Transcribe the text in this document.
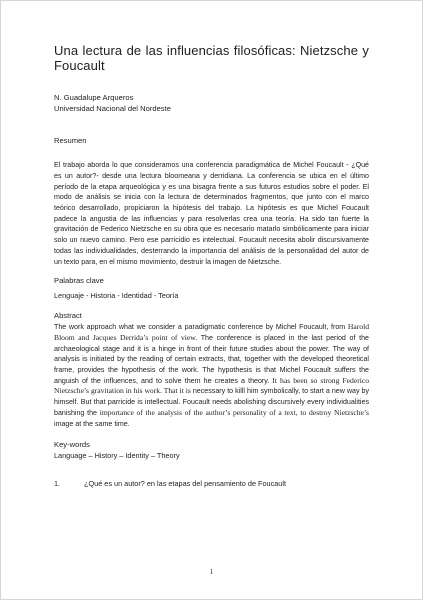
Una lectura de las influencias filosóficas: Nietzsche y Foucault
N. Guadalupe Arqueros
Universidad Nacional del Nordeste
Resumen

El trabajo aborda lo que consideramos una conferencia paradigmática de Michel Foucault - ¿Qué es un autor?- desde una lectura bloomeana y derridiana. La conferencia se ubica en el último período de la etapa arqueológica y es una bisagra frente a sus futuros estudios sobre el poder. El modo de análisis se inicia con la lectura de determinados fragmentos, que junto con el marco teórico desarrollado, propiciaron la hipótesis del trabajo. La hipótesis es que Michel Foucault padece la angustia de las influencias y para resolverlas crea una teoría. Ha sido tan fuerte la gravitación de Federico Nietzsche en su obra que es necesario matarlo simbólicamente para iniciar solo un nuevo camino. Pero ese parricidio es intelectual. Foucault necesita abolir discursivamente todas las individualidades, desterrando la importancia del análisis de la personalidad del autor de un texto para, en el mismo movimiento, destruir la imagen de Nietzsche.

Palabras clave
Lenguaje - Historia - Identidad - Teoría
Abstract

The work approach what we consider a paradigmatic conference by Michel Foucault, from Harold Bloom and Jacques Derrida’s point of view. The conference is placed in the last period of the archaeological stage and it is a hinge in front of their future studies about the power. The way of analysis is initiated by the reading of certain extracts, that, together with the developed theoretical frame, provides the hypothesis of the work. The hypothesis is that Michel Foucault suffers the anguish of the influences, and to solve them he creates a theory. It has been so strong Federico Nietzsche’s gravitation in his work. That it is necessary to killl him symbolically, to start a new way by himself. But that parricide is intellectual. Foucault needs abolishing discursively every individualities banishing the importance of the analysis of the author’s personality of a text, to destroy Nietzsche’s image at the same time.

Key-words
Language – History – Identity – Theory
1.	¿Qué es un autor? en las etapas del pensamiento de Foucault
1
